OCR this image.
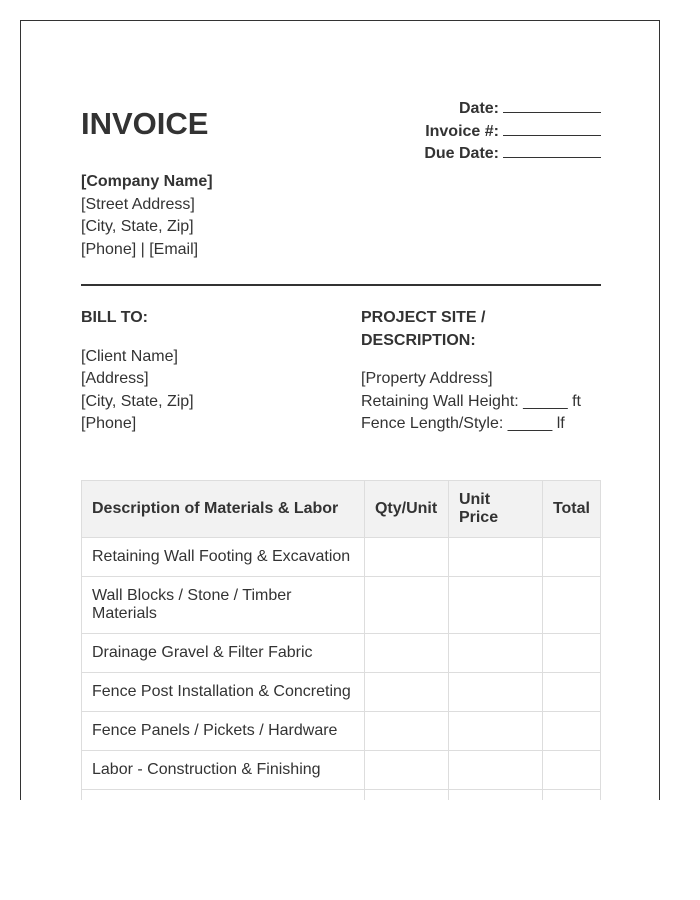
INVOICE	Date:
Invoice #:
Due Date:
[Company Name]
[Street Address]
[City, State, Zip]
[Phone] | [Email]
BILL TO:
[Client Name]
[Address]
[City, State, Zip]
[Phone]
PROJECT SITE /
DESCRIPTION:
[Property Address]
Retaining Wall Height: _____ ft
Fence Length/Style: _____ lf
Description of Materials & Labor	Qty/Unit	Unit Price	Total
Retaining Wall Footing & Excavation			
Wall Blocks / Stone / Timber Materials			
Drainage Gravel & Filter Fabric			
Fence Post Installation & Concreting			
Fence Panels / Pickets / Hardware			
Labor - Construction & Finishing			
